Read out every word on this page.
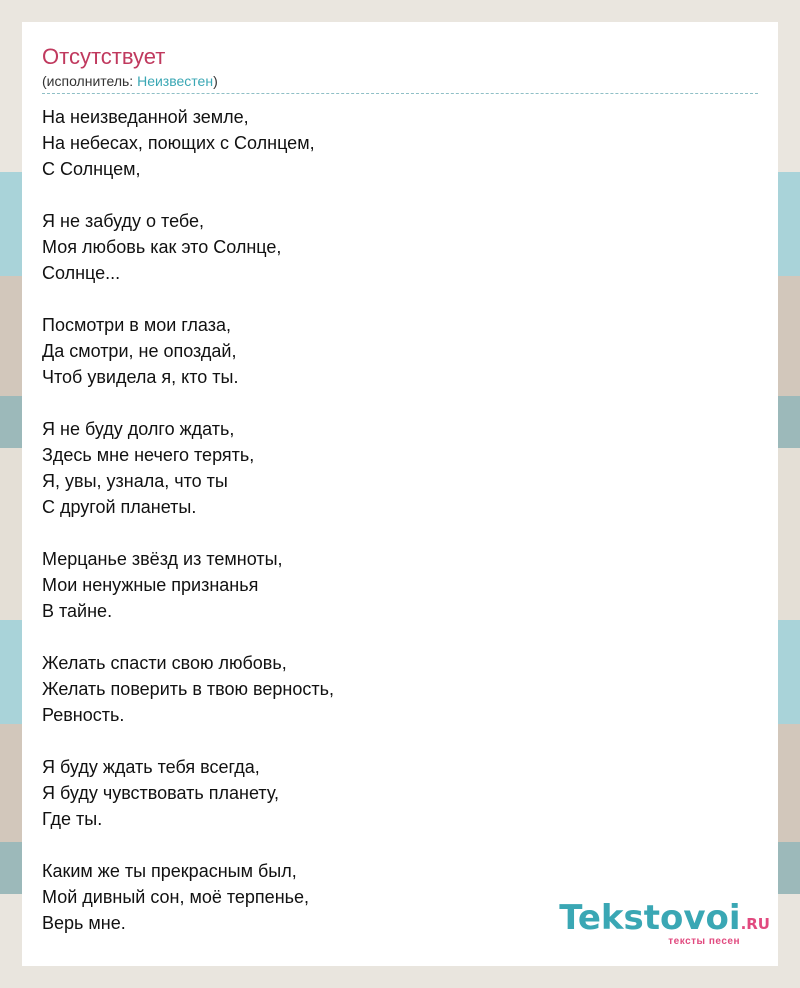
Отсутствует
(исполнитель: Неизвестен)
На неизведанной земле,
На небесах, поющих с Солнцем,
С Солнцем,
Я не забуду о тебе,
Моя любовь как это Солнце,
Солнце...
Посмотри в мои глаза,
Да смотри, не опоздай,
Чтоб увидела я, кто ты.
Я не буду долго ждать,
Здесь мне нечего терять,
Я, увы, узнала, что ты
С другой планеты.
Мерцанье звёзд из темноты,
Мои ненужные признанья
В тайне.
Желать спасти свою любовь,
Желать поверить в твою верность,
Ревность.
Я буду ждать тебя всегда,
Я буду чувствовать планету,
Где ты.
Каким же ты прекрасным был,
Мой дивный сон, моё терпенье,
Верь мне.	Tekstovoi.RU
тексты песен
